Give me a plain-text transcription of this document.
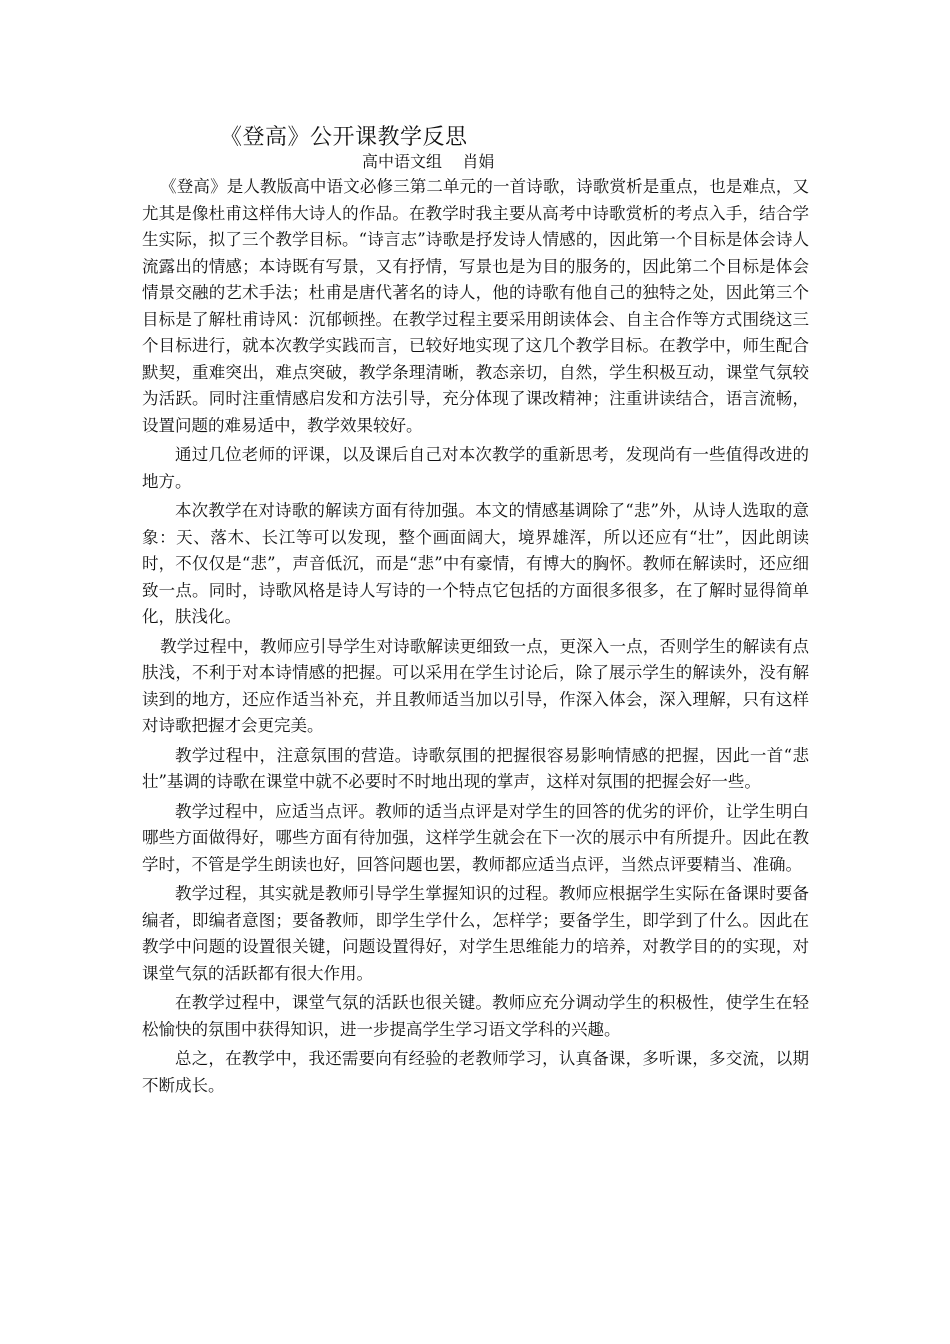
《登高》公开课教学反思
高中语文组    肖娟

《登高》是人教版高中语文必修三第二单元的一首诗歌，诗歌赏析是重点，也是难点，又尤其是像杜甫这样伟大诗人的作品。在教学时我主要从高考中诗歌赏析的考点入手，结合学生实际，拟了三个教学目标。“诗言志”诗歌是抒发诗人情感的，因此第一个目标是体会诗人流露出的情感；本诗既有写景，又有抒情，写景也是为目的服务的，因此第二个目标是体会情景交融的艺术手法；杜甫是唐代著名的诗人，他的诗歌有他自己的独特之处，因此第三个目标是了解杜甫诗风：沉郁顿挫。在教学过程主要采用朗读体会、自主合作等方式围绕这三个目标进行，就本次教学实践而言，已较好地实现了这几个教学目标。在教学中，师生配合默契，重难突出，难点突破，教学条理清晰，教态亲切，自然，学生积极互动，课堂气氛较为活跃。同时注重情感启发和方法引导，充分体现了课改精神；注重讲读结合，语言流畅，设置问题的难易适中，教学效果较好。

通过几位老师的评课，以及课后自己对本次教学的重新思考，发现尚有一些值得改进的地方。

本次教学在对诗歌的解读方面有待加强。本文的情感基调除了“悲”外，从诗人选取的意象：天、落木、长江等可以发现，整个画面阔大，境界雄浑，所以还应有“壮”，因此朗读时，不仅仅是“悲”，声音低沉，而是“悲”中有豪情，有博大的胸怀。教师在解读时，还应细致一点。同时，诗歌风格是诗人写诗的一个特点它包括的方面很多很多，在了解时显得简单化，肤浅化。

教学过程中，教师应引导学生对诗歌解读更细致一点，更深入一点，否则学生的解读有点肤浅，不利于对本诗情感的把握。可以采用在学生讨论后，除了展示学生的解读外，没有解读到的地方，还应作适当补充，并且教师适当加以引导，作深入体会，深入理解，只有这样对诗歌把握才会更完美。

教学过程中，注意氛围的营造。诗歌氛围的把握很容易影响情感的把握，因此一首“悲壮”基调的诗歌在课堂中就不必要时不时地出现的掌声，这样对氛围的把握会好一些。

教学过程中，应适当点评。教师的适当点评是对学生的回答的优劣的评价，让学生明白哪些方面做得好，哪些方面有待加强，这样学生就会在下一次的展示中有所提升。因此在教学时，不管是学生朗读也好，回答问题也罢，教师都应适当点评，当然点评要精当、准确。

教学过程，其实就是教师引导学生掌握知识的过程。教师应根据学生实际在备课时要备编者，即编者意图；要备教师，即学生学什么，怎样学；要备学生，即学到了什么。因此在教学中问题的设置很关键，问题设置得好，对学生思维能力的培养，对教学目的的实现，对课堂气氛的活跃都有很大作用。

在教学过程中，课堂气氛的活跃也很关键。教师应充分调动学生的积极性，使学生在轻松愉快的氛围中获得知识，进一步提高学生学习语文学科的兴趣。

总之，在教学中，我还需要向有经验的老教师学习，认真备课，多听课，多交流，以期不断成长。
